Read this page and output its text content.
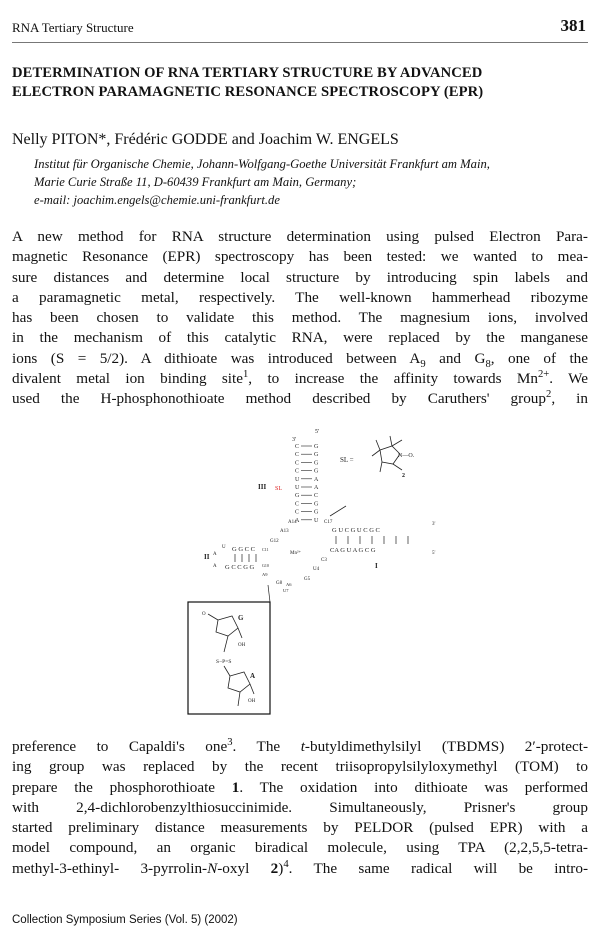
RNA Tertiary Structure	381
DETERMINATION OF RNA TERTIARY STRUCTURE BY ADVANCED
ELECTRON PARAMAGNETIC RESONANCE SPECTROSCOPY (EPR)
Nelly PITON*, Frédéric GODDE and Joachim W. ENGELS
Institut für Organische Chemie, Johann-Wolfgang-Goethe Universität Frankfurt am Main,
Marie Curie Straße 11, D-60439 Frankfurt am Main, Germany;
e-mail: joachim.engels@chemie.uni-frankfurt.de
A new method for RNA structure determination using pulsed Electron Para-
magnetic Resonance (EPR) spectroscopy has been tested: we wanted to mea-
sure distances and determine local structure by introducing spin labels and
a paramagnetic metal, respectively. The well-known hammerhead ribozyme
has been chosen to validate this method. The magnesium ions, involved
in the mechanism of this catalytic RNA, were replaced by the manganese
ions (S = 5/2). A dithioate was introduced between $A_9$ and $G_8$, one of the
divalent metal ion binding site$^1$, to increase the affinity towards $Mn^{2+}$. We
used the H-phosphonothioate method described by Caruthers' group$^2$, in
5'
3'
C G
C G
C G
C G
U A
U A
G C
C G
C G
A U
SL
III
SL =	N—O.
2
A14
A13
G12
C17
Mn²⁺
II
U
A
A
G G C C C11
G C C G G G10
A9
G8 A6
U7
G5
U4
C3
G U C G U C G C
3'
CA G U A G C G	5'
I
O	G
OH
S−P=S
A
OH
preference to Capaldi's one$^3$. The t-butyldimethylsilyl (TBDMS) 2′-protect-
ing group was replaced by the recent triisopropylsilyloxymethyl (TOM) to
prepare the phosphorothioate 1. The oxidation into dithioate was performed
with 2,4-dichlorobenzylthiosuccinimide. Simultaneously, Prisner's group
started preliminary distance measurements by PELDOR (pulsed EPR) with a
model compound, an organic biradical molecule, using TPA (2,2,5,5-tetra-
methyl-3-ethinyl- 3-pyrrolin-N-oxyl 2)$^4$. The same radical will be intro-
Collection Symposium Series (Vol. 5) (2002)
